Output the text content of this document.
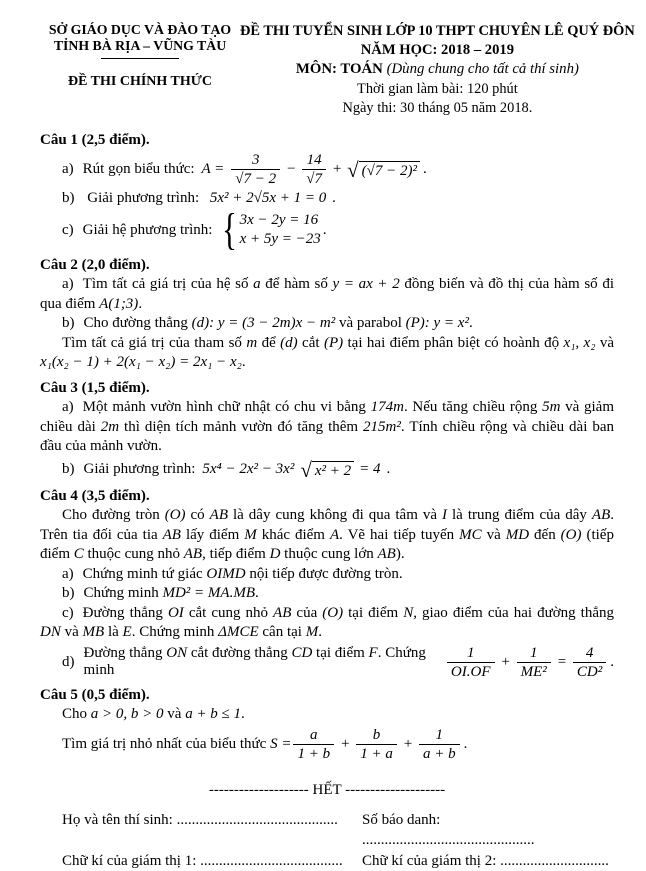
SỞ GIÁO DỤC VÀ ĐÀO TẠO
TỈNH BÀ RỊA – VŨNG TÀU
ĐỀ THI CHÍNH THỨC
ĐỀ THI TUYỂN SINH LỚP 10 THPT CHUYÊN LÊ QUÝ ĐÔN
NĂM HỌC: 2018 – 2019
MÔN: TOÁN (Dùng chung cho tất cả thí sinh)
Thời gian làm bài: 120 phút
Ngày thi: 30 tháng 05 năm 2018.
Câu 1 (2,5 điểm).
a) Rút gọn biểu thức: $A = \frac{3}{√7 - 2} - \frac{14}{√7}$ + √ (√7 − 2)² .
b) Giải phương trình: 5x² + 2√5x + 1 = 0 .
c) Giải hệ phương trình: { 3x − 2y = 16
x + 5y = −23
.
Câu 2 (2,0 điểm).

a) Tìm tất cả giá trị của hệ số a để hàm số y = ax + 2 đồng biến và đồ thị của hàm số đi qua điểm A(1;3).

b) Cho đường thẳng (d): y = (3 − 2m)x − m² và parabol (P): y = x².

Tìm tất cả giá trị của tham số m để (d) cắt (P) tại hai điểm phân biệt có hoành độ x₁, x₂ và x₁(x₂ − 1) + 2(x₁ − x₂) = 2x₁ − x₂.

Câu 3 (1,5 điểm).

a) Một mảnh vườn hình chữ nhật có chu vi bằng 174m. Nếu tăng chiều rộng 5m và giảm chiều dài 2m thì diện tích mảnh vườn đó tăng thêm 215m². Tính chiều rộng và chiều dài ban đầu của mảnh vườn.

b) Giải phương trình: 5x⁴ − 2x² − 3x² √ x² + 2 = 4 .
Câu 4 (3,5 điểm).

Cho đường tròn (O) có AB là dây cung không đi qua tâm và I là trung điểm của dây AB. Trên tia đối của tia AB lấy điểm M khác điểm A. Vẽ hai tiếp tuyến MC và MD đến (O) (tiếp điểm C thuộc cung nhỏ AB, tiếp điểm D thuộc cung lớn AB).

a) Chứng minh tứ giác OIMD nội tiếp được đường tròn.
b) Chứng minh MD² = MA.MB.

c) Đường thẳng OI cắt cung nhỏ AB của (O) tại điểm N, giao điểm của hai đường thẳng DN và MB là E. Chứng minh ΔMCE cân tại M.

d)
Đường thẳng ON cắt đường thẳng CD tại điểm F. Chứng minh	$\frac{1}{OI.OF} + \frac{1}{\text{ME²}} = \frac{4}{\text{CD²}}$ .
Câu 5 (0,5 điểm).
Cho a > 0, b > 0 và a + b ≤ 1.
Tìm giá trị nhỏ nhất của biểu thức $S = \frac{a}{1 + b} + \frac{b}{1 + a} + \frac{1}{a + b}$ .
-------------------- HẾT --------------------
Họ và tên thí sinh: ...........................................	Số báo danh: ..............................................
Chữ kí của giám thị 1: ......................................	Chữ kí của giám thị 2: .............................
